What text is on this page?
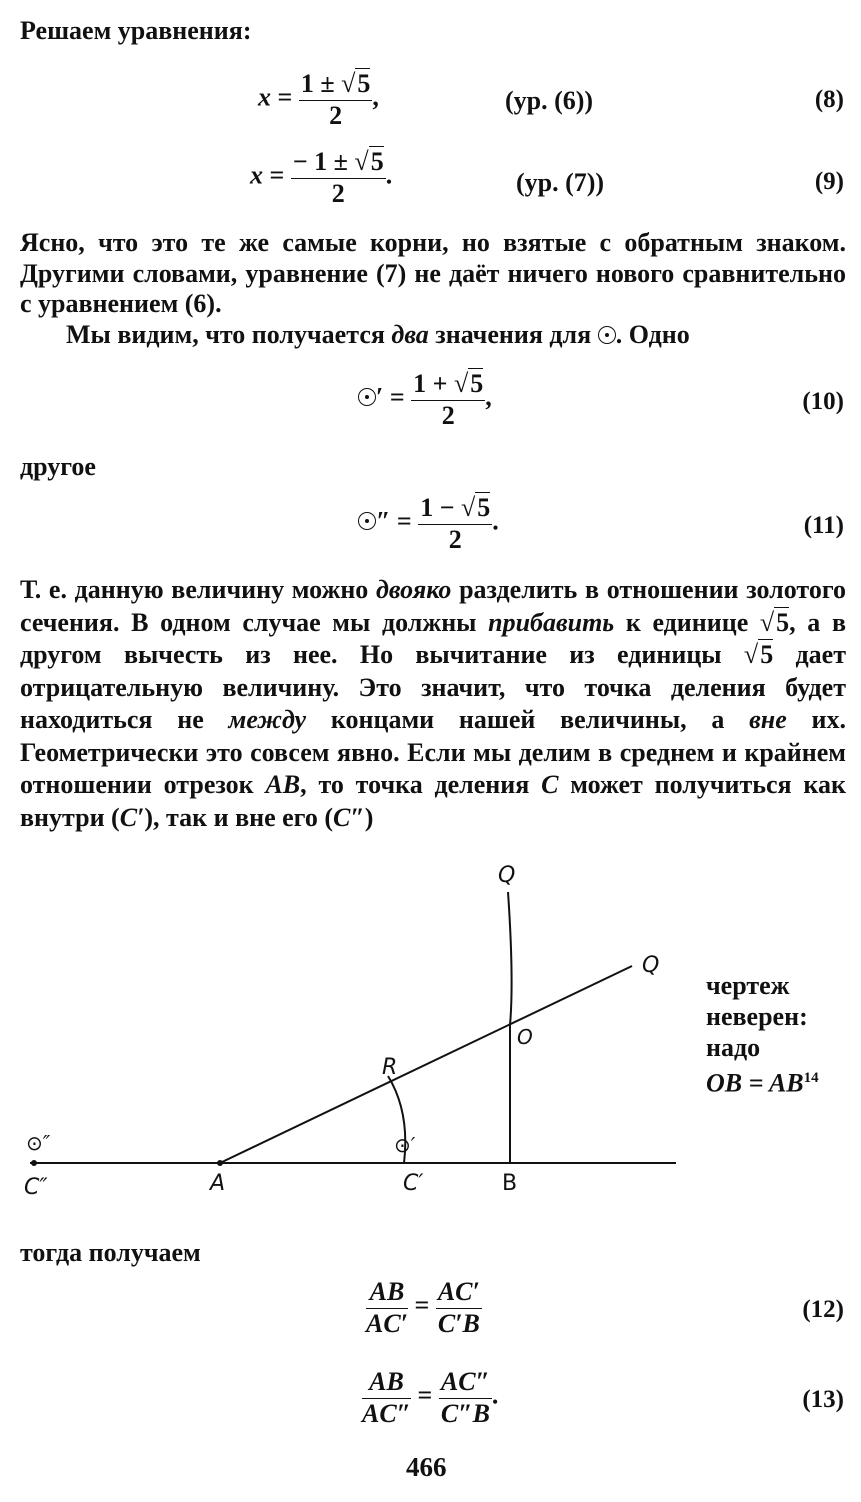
Решаем уравнения:
$x = \frac{1 \pm √5}{2}$ ,	(ур. (6))	(8)
$x = \frac{- 1 \pm √5}{2}$ .	(ур. (7))	(9)
Ясно, что это те же самые корни, но взятые с обратным знаком. Другими словами, уравнение (7) не даёт ничего нового сравнительно с уравнением (6).
Мы видим, что получается два значения для . Одно
′ = $\frac{1 + √5}{2}$ ,	(10)
другое
″ = $\frac{1 - √5}{2}$ .	(11)
Т. е. данную величину можно двояко разделить в отношении золотого сечения. В одном случае мы должны прибавить к единице √5, а в другом вычесть из нее. Но вычитание из единицы √5 дает отрицательную величину. Это значит, что точка деления будет находиться не между концами нашей величины, а вне их. Геометрически это совсем явно. Если мы делим в среднем и крайнем отношении отрезок AB, то точка деления C может получиться как внутри (C′), так и вне его (C″)
Q
Q
O
R
⊙″
C″	A
⊙′
C′	B
чертеж
неверен:
надо
OB = $AB^{14}$
тогда получаем
$\frac{AB}{AC'} = \frac{AC'}{C'B}$	(12)
$\frac{AB}{AC''} = \frac{AC''}{C''B}$ .	(13)
466
